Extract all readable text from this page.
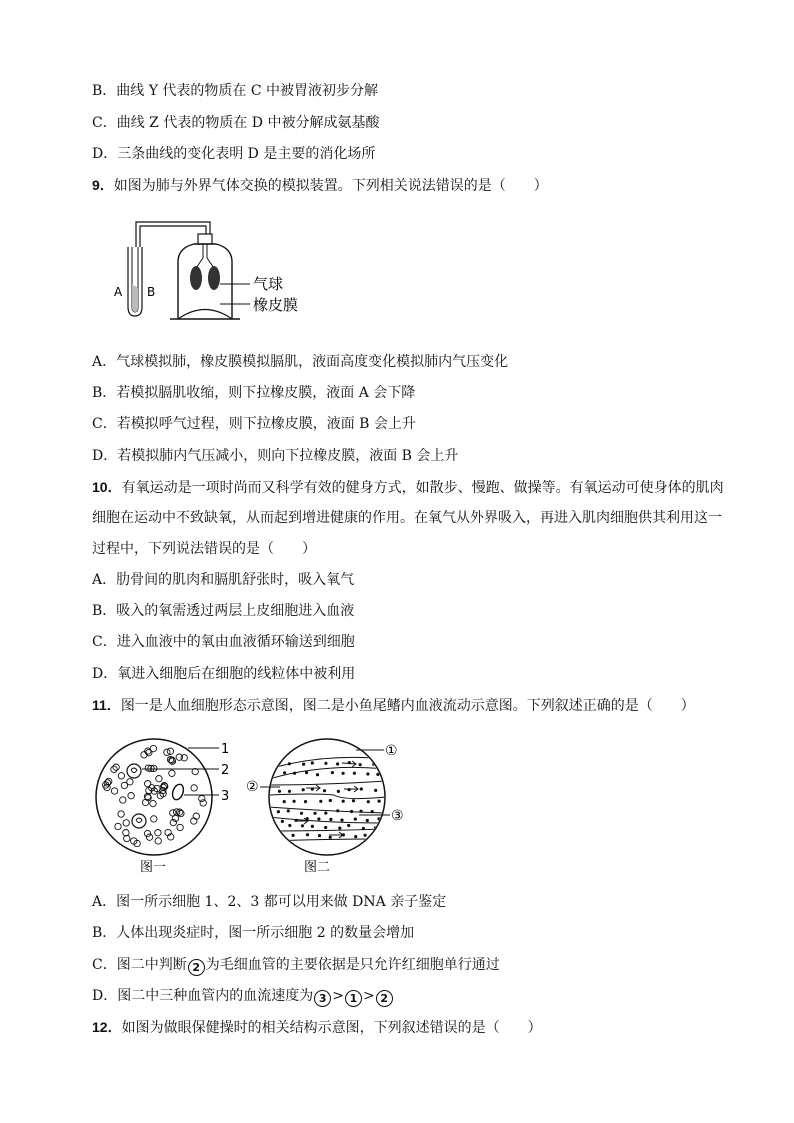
B．曲线 Y 代表的物质在 C 中被胃液初步分解
C．曲线 Z 代表的物质在 D 中被分解成氨基酸
D．三条曲线的变化表明 D 是主要的消化场所
9．如图为肺与外界气体交换的模拟装置。下列相关说法错误的是（　　）
A B	气球
橡皮膜
A．气球模拟肺，橡皮膜模拟膈肌，液面高度变化模拟肺内气压变化
B．若模拟膈肌收缩，则下拉橡皮膜，液面 A 会下降
C．若模拟呼气过程，则下拉橡皮膜，液面 B 会上升
D．若模拟肺内气压减小，则向下拉橡皮膜，液面 B 会上升
10．有氧运动是一项时尚而又科学有效的健身方式，如散步、慢跑、做操等。有氧运动可使身体的肌肉
细胞在运动中不致缺氧，从而起到增进健康的作用。在氧气从外界吸入，再进入肌肉细胞供其利用这一
过程中，下列说法错误的是（　　）
A．肋骨间的肌肉和膈肌舒张时，吸入氧气
B．吸入的氧需透过两层上皮细胞进入血液
C．进入血液中的氧由血液循环输送到细胞
D．氧进入细胞后在细胞的线粒体中被利用
11．图一是人血细胞形态示意图，图二是小鱼尾鳍内血液流动示意图。下列叙述正确的是（　　）
1
2
3
图一
①
②
③
图二
A．图一所示细胞 1、2、3 都可以用来做 DNA 亲子鉴定
B．人体出现炎症时，图一所示细胞 2 的数量会增加
C．图二中判断 2 为毛细血管的主要依据是只允许红细胞单行通过
D．图二中三种血管内的血流速度为 3 > 1 > 2
12．如图为做眼保健操时的相关结构示意图，下列叙述错误的是（　　）
